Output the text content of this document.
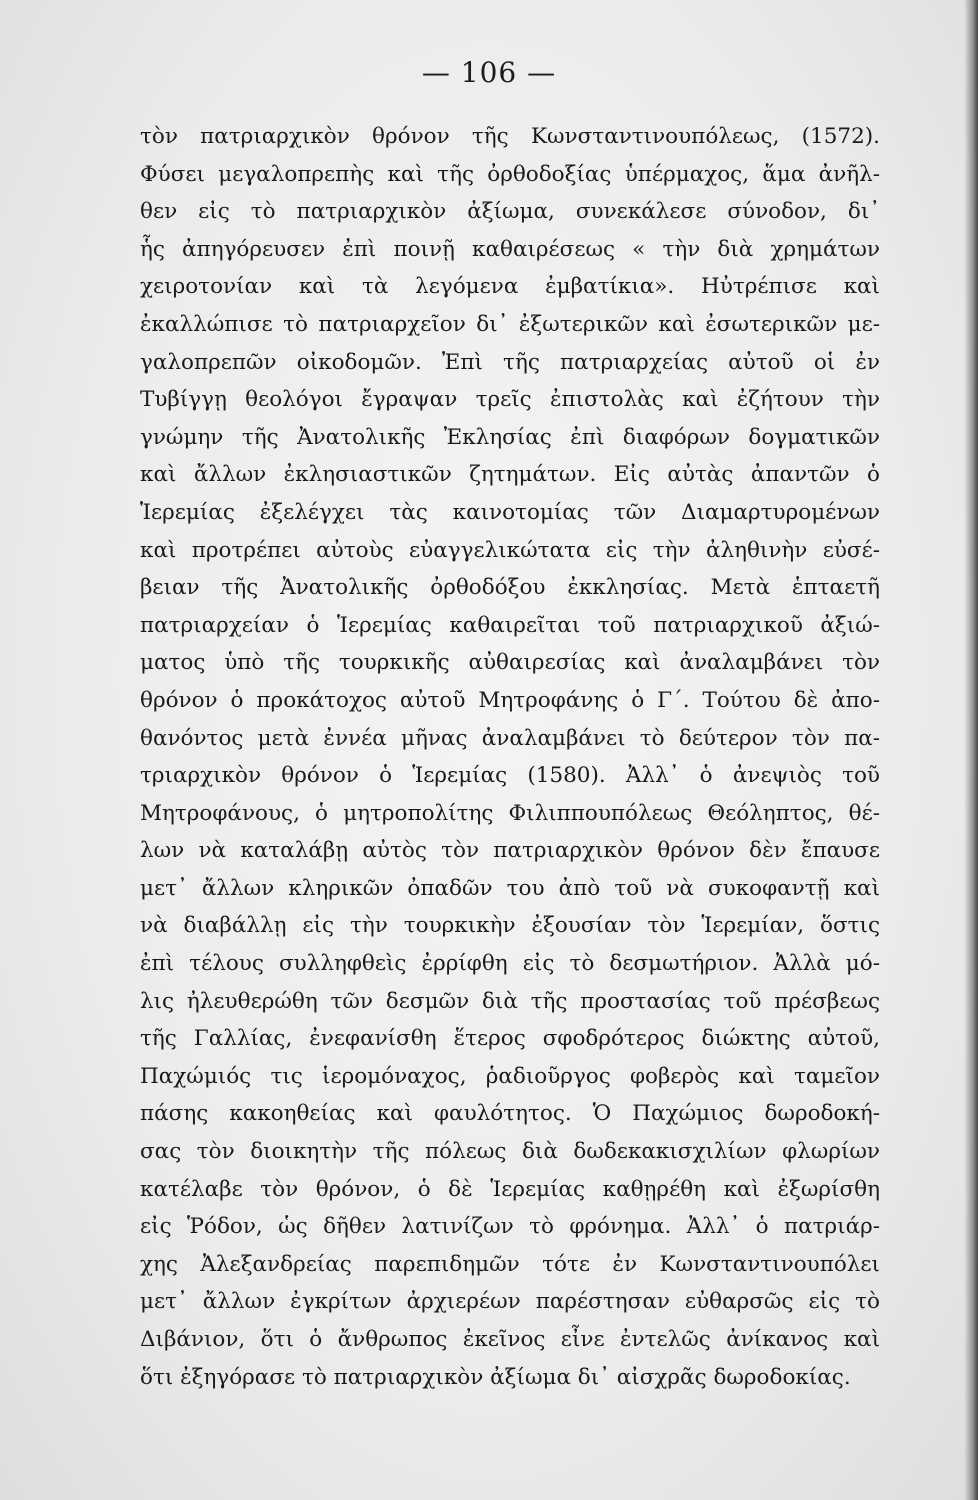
— 106 —
τὸν πατριαρχικὸν θρόνον τῆς Κωνσταντινουπόλεως, (1572).
Φύσει μεγαλοπρεπὴς καὶ τῆς ὀρθοδοξίας ὑπέρμαχος, ἅμα ἀνῆλ-
θεν εἰς τὸ πατριαρχικὸν ἀξίωμα, συνεκάλεσε σύνοδον, δι᾽
ἧς ἀπηγόρευσεν ἐπὶ ποινῇ καθαιρέσεως « τὴν διὰ χρημάτων
χειροτονίαν καὶ τὰ λεγόμενα ἐμβατίκια». Ηὐτρέπισε καὶ
ἐκαλλώπισε τὸ πατριαρχεῖον δι᾽ ἐξωτερικῶν καὶ ἐσωτερικῶν με-
γαλοπρεπῶν οἰκοδομῶν. Ἐπὶ τῆς πατριαρχείας αὐτοῦ οἱ ἐν
Τυβίγγῃ θεολόγοι ἔγραψαν τρεῖς ἐπιστολὰς καὶ ἐζήτουν τὴν
γνώμην τῆς Ἀνατολικῆς Ἐκλησίας ἐπὶ διαφόρων δογματικῶν
καὶ ἄλλων ἐκλησιαστικῶν ζητημάτων. Εἰς αὐτὰς ἀπαντῶν ὁ
Ἱερεμίας ἐξελέγχει τὰς καινοτομίας τῶν Διαμαρτυρομένων
καὶ προτρέπει αὐτοὺς εὐαγγελικώτατα εἰς τὴν ἀληθινὴν εὐσέ-
βειαν τῆς Ἀνατολικῆς ὀρθοδόξου ἐκκλησίας. Μετὰ ἑπταετῆ
πατριαρχείαν ὁ Ἱερεμίας καθαιρεῖται τοῦ πατριαρχικοῦ ἀξιώ-
ματος ὑπὸ τῆς τουρκικῆς αὐθαιρεσίας καὶ ἀναλαμβάνει τὸν
θρόνον ὁ προκάτοχος αὐτοῦ Μητροφάνης ὁ Γ΄. Τούτου δὲ ἀπο-
θανόντος μετὰ ἐννέα μῆνας ἀναλαμβάνει τὸ δεύτερον τὸν πα-
τριαρχικὸν θρόνον ὁ Ἱερεμίας (1580). Ἀλλ᾽ ὁ ἀνεψιὸς τοῦ
Μητροφάνους, ὁ μητροπολίτης Φιλιππουπόλεως Θεόληπτος, θέ-
λων νὰ καταλάβῃ αὐτὸς τὸν πατριαρχικὸν θρόνον δὲν ἔπαυσε
μετ᾽ ἄλλων κληρικῶν ὀπαδῶν του ἀπὸ τοῦ νὰ συκοφαντῇ καὶ
νὰ διαβάλλῃ εἰς τὴν τουρκικὴν ἐξουσίαν τὸν Ἱερεμίαν, ὅστις
ἐπὶ τέλους συλληφθεὶς ἐρρίφθη εἰς τὸ δεσμωτήριον. Ἀλλὰ μό-
λις ἠλευθερώθη τῶν δεσμῶν διὰ τῆς προστασίας τοῦ πρέσβεως
τῆς Γαλλίας, ἐνεφανίσθη ἕτερος σφοδρότερος διώκτης αὐτοῦ,
Παχώμιός τις ἱερομόναχος, ῥαδιοῦργος φοβερὸς καὶ ταμεῖον
πάσης κακοηθείας καὶ φαυλότητος. Ὁ Παχώμιος δωροδοκή-
σας τὸν διοικητὴν τῆς πόλεως διὰ δωδεκακισχιλίων φλωρίων
κατέλαβε τὸν θρόνον, ὁ δὲ Ἱερεμίας καθῃρέθη καὶ ἐξωρίσθη
εἰς Ῥόδον, ὡς δῆθεν λατινίζων τὸ φρόνημα. Ἀλλ᾽ ὁ πατριάρ-
χης Ἀλεξανδρείας παρεπιδημῶν τότε ἐν Κωνσταντινουπόλει
μετ᾽ ἄλλων ἐγκρίτων ἀρχιερέων παρέστησαν εὐθαρσῶς εἰς τὸ
Διβάνιον, ὅτι ὁ ἄνθρωπος ἐκεῖνος εἶνε ἐντελῶς ἀνίκανος καὶ
ὅτι ἐξηγόρασε τὸ πατριαρχικὸν ἀξίωμα δι᾽ αἰσχρᾶς δωροδοκίας.
